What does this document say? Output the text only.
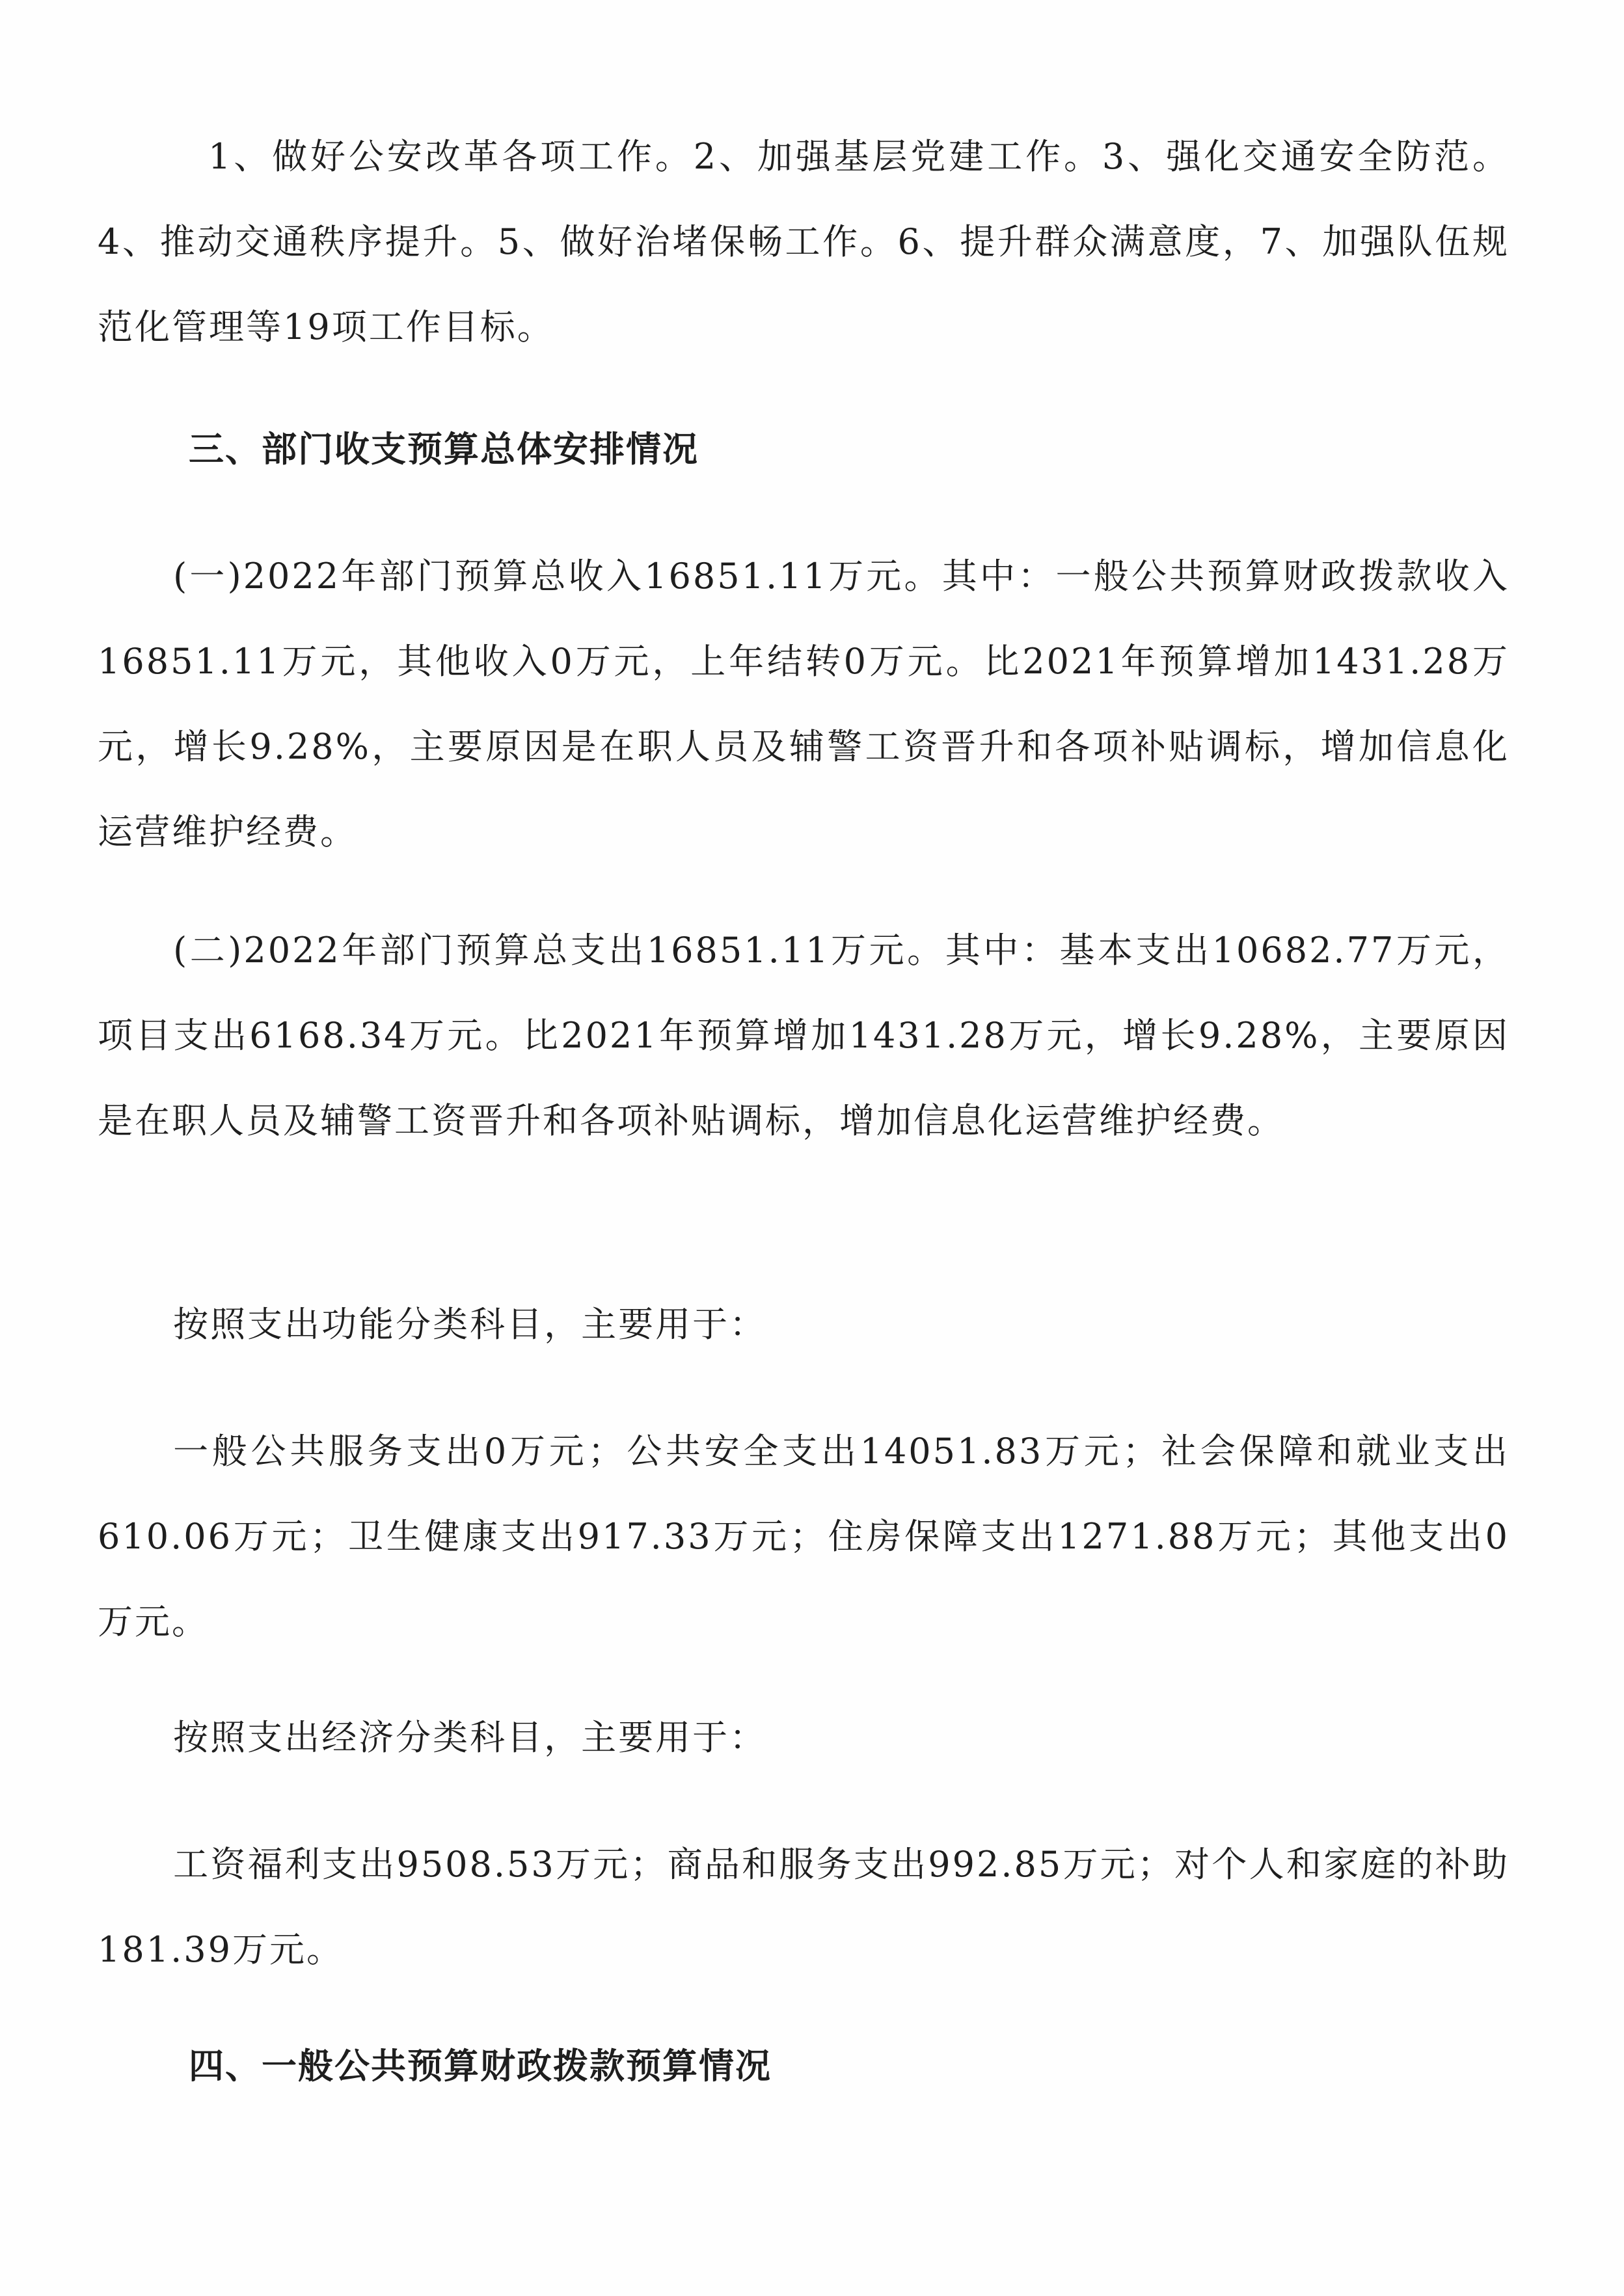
1、做好公安改革各项工作。2、加强基层党建工作。3、强化交通安全防范。4、推动交通秩序提升。5、做好治堵保畅工作。6、提升群众满意度，7、加强队伍规范化管理等19项工作目标。

三、部门收支预算总体安排情况

(一)2022年部门预算总收入16851.11万元。其中：一般公共预算财政拨款收入16851.11万元，其他收入0万元，上年结转0万元。比2021年预算增加1431.28万元，增长9.28%，主要原因是在职人员及辅警工资晋升和各项补贴调标，增加信息化运营维护经费。

(二)2022年部门预算总支出16851.11万元。其中：基本支出10682.77万元，项目支出6168.34万元。比2021年预算增加1431.28万元，增长9.28%，主要原因是在职人员及辅警工资晋升和各项补贴调标，增加信息化运营维护经费。

按照支出功能分类科目，主要用于：

一般公共服务支出0万元；公共安全支出14051.83万元；社会保障和就业支出610.06万元；卫生健康支出917.33万元；住房保障支出1271.88万元；其他支出0万元。

按照支出经济分类科目，主要用于：

工资福利支出9508.53万元；商品和服务支出992.85万元；对个人和家庭的补助181.39万元。

四、一般公共预算财政拨款预算情况
